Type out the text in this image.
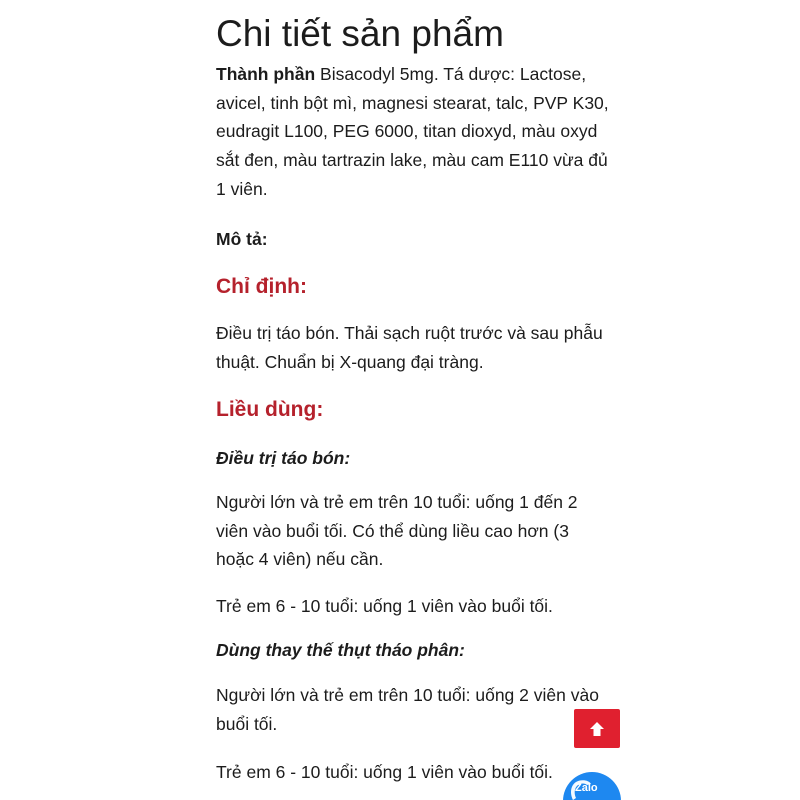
Chi tiết sản phẩm

Thành phần Bisacodyl 5mg. Tá dược: Lactose, avicel, tinh bột mì, magnesi stearat, talc, PVP K30, eudragit L100, PEG 6000, titan dioxyd, màu oxyd sắt đen, màu tartrazin lake, màu cam E110 vừa đủ 1 viên.

Mô tả:

Chỉ định:

Điều trị táo bón. Thải sạch ruột trước và sau phẫu thuật. Chuẩn bị X-quang đại tràng.

Liều dùng:

Điều trị táo bón:

Người lớn và trẻ em trên 10 tuổi: uống 1 đến 2 viên vào buổi tối. Có thể dùng liều cao hơn (3 hoặc 4 viên) nếu cần.

Trẻ em 6 - 10 tuổi: uống 1 viên vào buổi tối.

Dùng thay thế thụt tháo phân:

Người lớn và trẻ em trên 10 tuổi: uống 2 viên vào buổi tối.

Trẻ em 6 - 10 tuổi: uống 1 viên vào buổi tối.

Zalo
